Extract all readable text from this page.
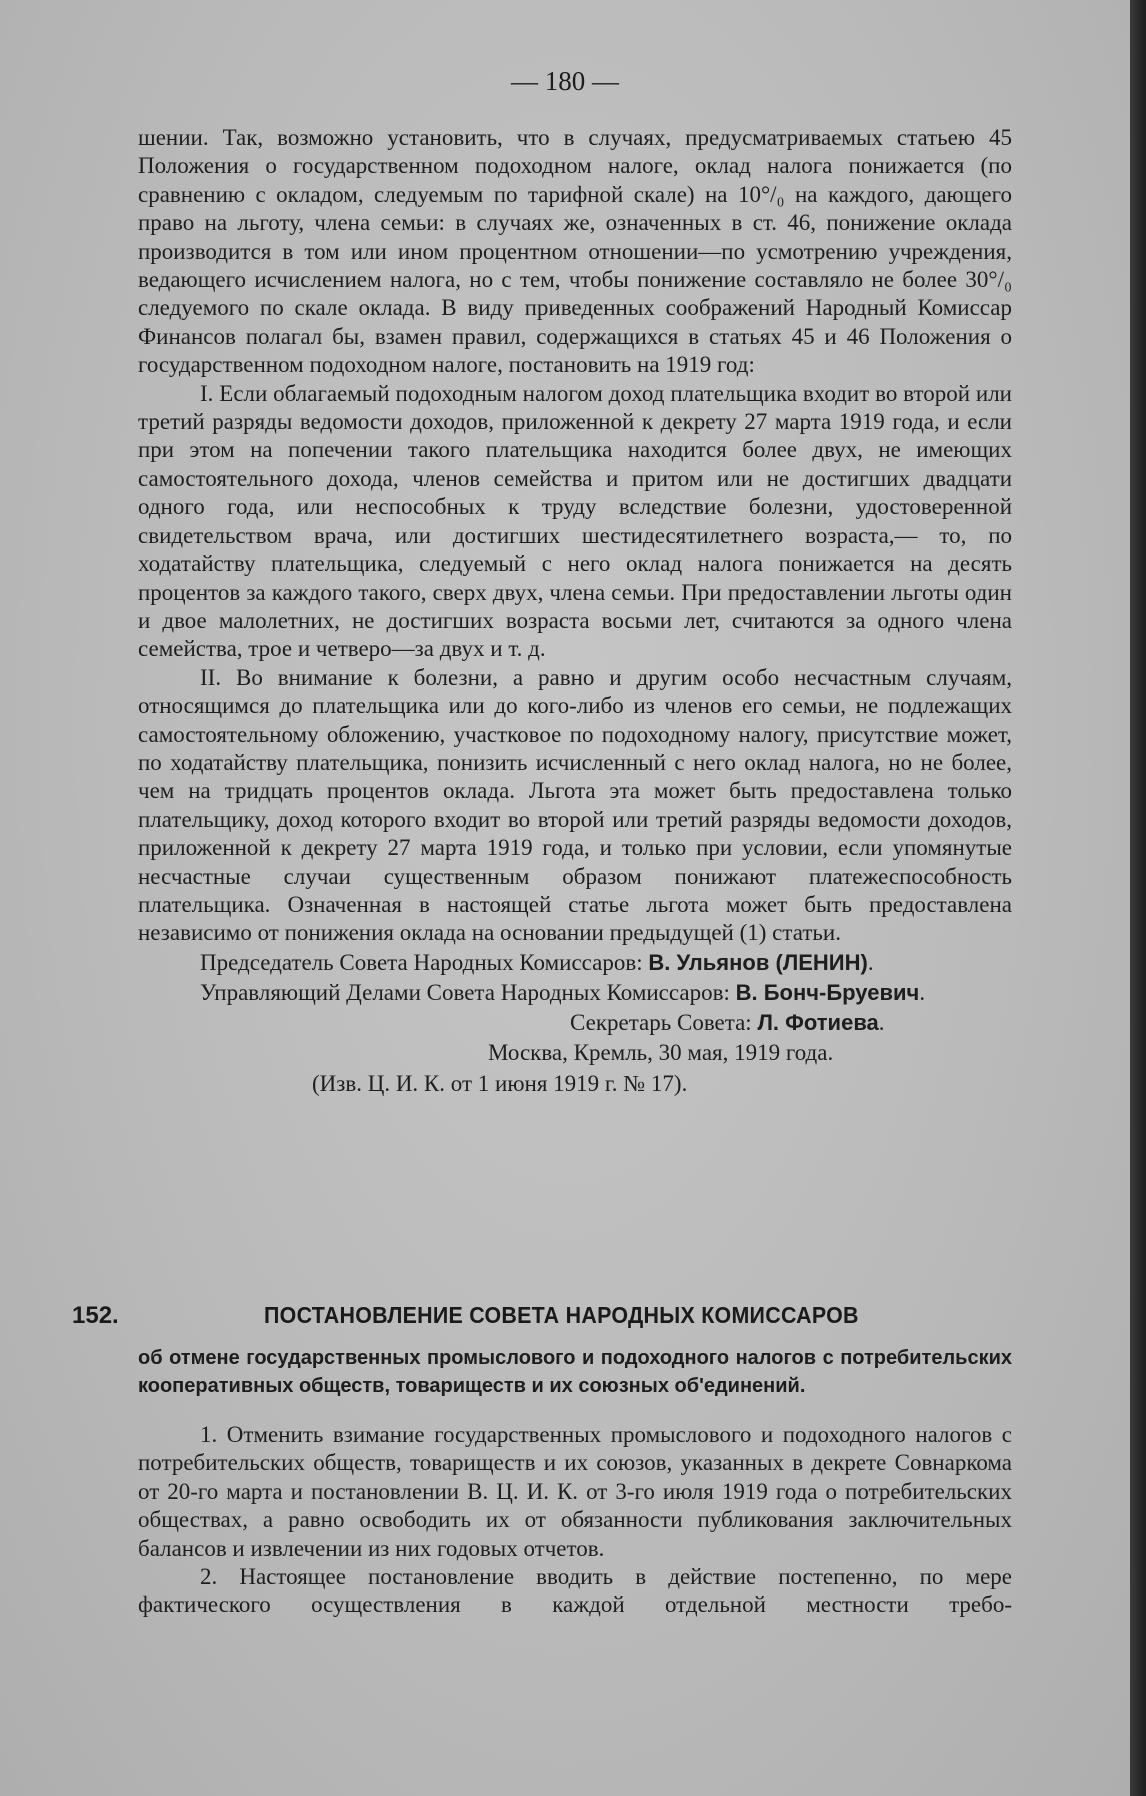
— 180 —

шении. Так, возможно установить, что в случаях, предусматриваемых статьею 45 Положения о государственном подоходном налоге, оклад налога понижается (по сравнению с окладом, следуемым по тарифной скале) на 10°/₀ на каждого, дающего право на льготу, члена семьи: в случаях же, означенных в ст. 46, понижение оклада производится в том или ином процентном отношении—по усмотрению учреждения, ведающего исчислением налога, но с тем, чтобы понижение составляло не более 30°/₀ следуемого по скале оклада. В виду приведенных соображений Народный Комиссар Финансов полагал бы, взамен правил, содержащихся в статьях 45 и 46 Положения о государственном подоходном налоге, постановить на 1919 год:

I. Если облагаемый подоходным налогом доход плательщика входит во второй или третий разряды ведомости доходов, приложенной к декрету 27 марта 1919 года, и если при этом на попечении такого плательщика находится более двух, не имеющих самостоятельного дохода, членов семейства и притом или не достигших двадцати одного года, или неспособных к труду вследствие болезни, удостоверенной свидетельством врача, или достигших шестидесятилетнего возраста,— то, по ходатайству плательщика, следуемый с него оклад налога понижается на десять процентов за каждого такого, сверх двух, члена семьи. При предоставлении льготы один и двое малолетних, не достигших возраста восьми лет, считаются за одного члена семейства, трое и четверо—за двух и т. д.

II. Во внимание к болезни, а равно и другим особо несчастным случаям, относящимся до плательщика или до кого-либо из членов его семьи, не подлежащих самостоятельному обложению, участковое по подоходному налогу, присутствие может, по ходатайству плательщика, понизить исчисленный с него оклад налога, но не более, чем на тридцать процентов оклада. Льгота эта может быть предоставлена только плательщику, доход которого входит во второй или третий разряды ведомости доходов, приложенной к декрету 27 марта 1919 года, и только при условии, если упомянутые несчастные случаи существенным образом понижают платежеспособность плательщика. Означенная в настоящей статье льгота может быть предоставлена независимо от понижения оклада на основании предыдущей (1) статьи.

Председатель Совета Народных Комиссаров: В. Ульянов (ЛЕНИН).
Управляющий Делами Совета Народных Комиссаров: В. Бонч-Бруевич.
Секретарь Совета: Л. Фотиева.
Москва, Кремль, 30 мая, 1919 года.
(Изв. Ц. И. К. от 1 июня 1919 г. № 17).
152.	ПОСТАНОВЛЕНИЕ СОВЕТА НАРОДНЫХ КОМИССАРОВ
об отмене государственных промыслового и подоходного налогов с потребительских кооперативных обществ, товариществ и их союзных об'единений.

1. Отменить взимание государственных промыслового и подоходного налогов с потребительских обществ, товариществ и их союзов, указанных в декрете Совнаркома от 20-го марта и постановлении В. Ц. И. К. от 3-го июля 1919 года о потребительских обществах, а равно освободить их от обязанности публикования заключительных балансов и извлечении из них годовых отчетов.

2. Настоящее постановление вводить в действие постепенно, по мере фактического осуществления в каждой отдельной местности требо-
